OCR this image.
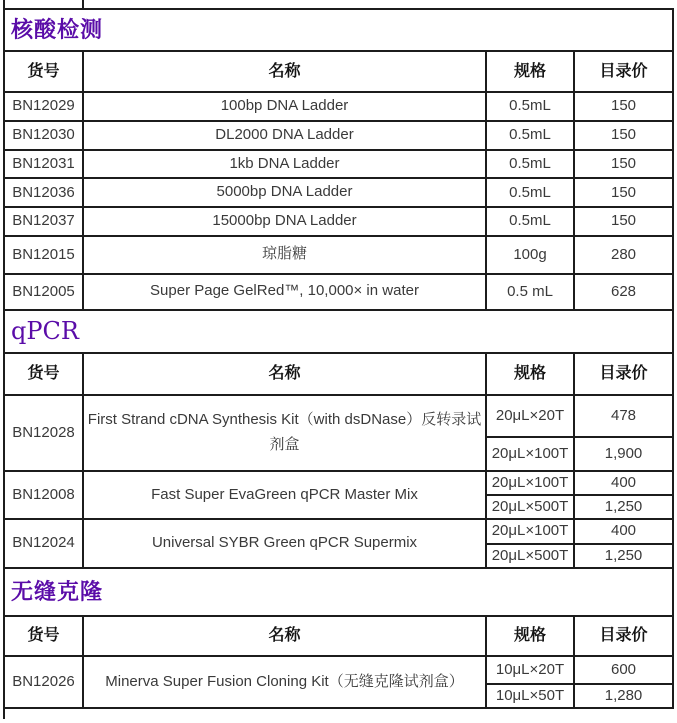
核酸检测			
货号	名称	规格	目录价
BN12029	100bp DNA Ladder	0.5mL	150
BN12030	DL2000 DNA Ladder	0.5mL	150
BN12031	1kb DNA Ladder	0.5mL	150
BN12036	5000bp DNA Ladder	0.5mL	150
BN12037	15000bp DNA Ladder	0.5mL	150
BN12015	琼脂糖	100g	280
BN12005	Super Page GelRed™, 10,000× in water	0.5 mL	628
qPCR			
货号	名称	规格	目录价
BN12028	First Strand cDNA Synthesis Kit（with dsDNase）反转录试剂盒	20μL×20T	478
		20μL×100T	1,900
BN12008	Fast Super EvaGreen qPCR Master Mix	20μL×100T	400
		20μL×500T	1,250
BN12024	Universal SYBR Green qPCR Supermix	20μL×100T	400
		20μL×500T	1,250
无缝克隆			
货号	名称	规格	目录价
BN12026	Minerva Super Fusion Cloning Kit（无缝克隆试剂盒）	10μL×20T	600
		10μL×50T	1,280
